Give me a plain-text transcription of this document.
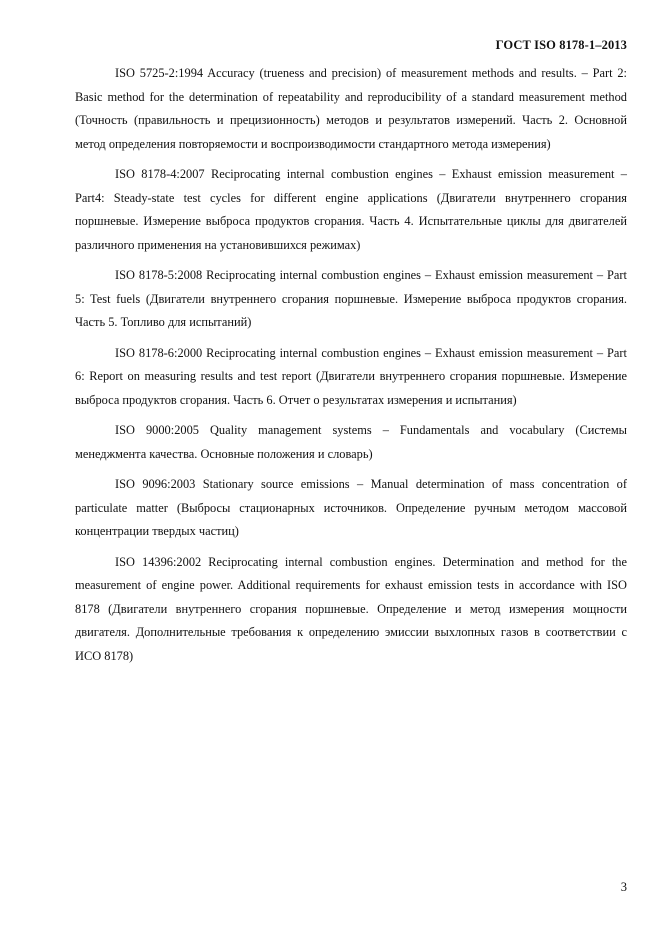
ГОСТ ISO 8178-1–2013

ISO 5725-2:1994 Accuracy (trueness and precision) of measurement methods and results. – Part 2: Basic method for the determination of repeatability and reproducibility of a standard measurement method (Точность (правильность и прецизионность) методов и результатов измерений. Часть 2. Основной метод определения повторяемости и воспроизводимости стандартного метода измерения)

ISO 8178-4:2007 Reciprocating internal combustion engines – Exhaust emission measurement – Part4: Steady-state test cycles for different engine applications (Двигатели внутреннего сгорания поршневые. Измерение выброса продуктов сгорания. Часть 4. Испытательные циклы для двигателей различного применения на установившихся режимах)

ISO 8178-5:2008 Reciprocating internal combustion engines – Exhaust emission measurement – Part 5: Test fuels (Двигатели внутреннего сгорания поршневые. Измерение выброса продуктов сгорания. Часть 5. Топливо для испытаний)

ISO 8178-6:2000 Reciprocating internal combustion engines – Exhaust emission measurement – Part 6: Report on measuring results and test report (Двигатели внутреннего сгорания поршневые. Измерение выброса продуктов сгорания. Часть 6. Отчет о результатах измерения и испытания)

ISO 9000:2005 Quality management systems – Fundamentals and vocabulary (Системы менеджмента качества. Основные положения и словарь)

ISO 9096:2003 Stationary source emissions – Manual determination of mass concentration of particulate matter (Выбросы стационарных источников. Определение ручным методом массовой концентрации твердых частиц)

ISO 14396:2002 Reciprocating internal combustion engines. Determination and method for the measurement of engine power. Additional requirements for exhaust emission tests in accordance with ISO 8178 (Двигатели внутреннего сгорания поршневые. Определение и метод измерения мощности двигателя. Дополнительные требования к определению эмиссии выхлопных газов в соответствии с ИСО 8178)

3
